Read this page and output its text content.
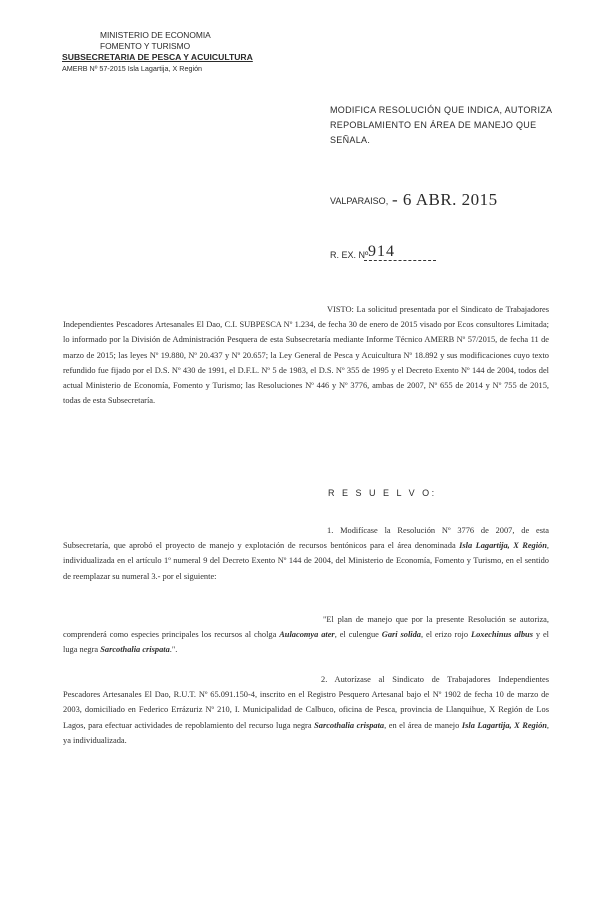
MINISTERIO DE ECONOMIA
FOMENTO Y TURISMO
SUBSECRETARIA DE PESCA Y ACUICULTURA
AMERB Nº 57-2015 Isla Lagartija, X Región
MODIFICA RESOLUCIÓN QUE INDICA, AUTORIZA REPOBLAMIENTO EN ÁREA DE MANEJO QUE SEÑALA.
VALPARAISO, - 6 ABR. 2015
R. EX. Nº 914
VISTO: La solicitud presentada por el Sindicato de Trabajadores Independientes Pescadores Artesanales El Dao, C.I. SUBPESCA Nº 1.234, de fecha 30 de enero de 2015 visado por Ecos consultores Limitada; lo informado por la División de Administración Pesquera de esta Subsecretaría mediante Informe Técnico AMERB Nº 57/2015, de fecha 11 de marzo de 2015; las leyes Nº 19.880, Nº 20.437 y Nº 20.657; la Ley General de Pesca y Acuicultura Nº 18.892 y sus modificaciones cuyo texto refundido fue fijado por el D.S. Nº 430 de 1991, el D.F.L. Nº 5 de 1983, el D.S. Nº 355 de 1995 y el Decreto Exento Nº 144 de 2004, todos del actual Ministerio de Economía, Fomento y Turismo; las Resoluciones Nº 446 y Nº 3776, ambas de 2007, Nº 655 de 2014 y Nº 755 de 2015, todas de esta Subsecretaría.
R E S U E L V O:
1. Modifícase la Resolución Nº 3776 de 2007, de esta Subsecretaría, que aprobó el proyecto de manejo y explotación de recursos bentónicos para el área denominada Isla Lagartija, X Región, individualizada en el artículo 1º numeral 9 del Decreto Exento Nº 144 de 2004, del Ministerio de Economía, Fomento y Turismo, en el sentido de reemplazar su numeral 3.- por el siguiente:
"El plan de manejo que por la presente Resolución se autoriza, comprenderá como especies principales los recursos al cholga Aulacomya ater, el culengue Gari solida, el erizo rojo Loxechinus albus y el luga negra Sarcothalia crispata.".
2. Autorízase al Sindicato de Trabajadores Independientes Pescadores Artesanales El Dao, R.U.T. Nº 65.091.150-4, inscrito en el Registro Pesquero Artesanal bajo el Nº 1902 de fecha 10 de marzo de 2003, domiciliado en Federico Errázuriz Nº 210, I. Municipalidad de Calbuco, oficina de Pesca, provincia de Llanquihue, X Región de Los Lagos, para efectuar actividades de repoblamiento del recurso luga negra Sarcothalia crispata, en el área de manejo Isla Lagartija, X Región, ya individualizada.
